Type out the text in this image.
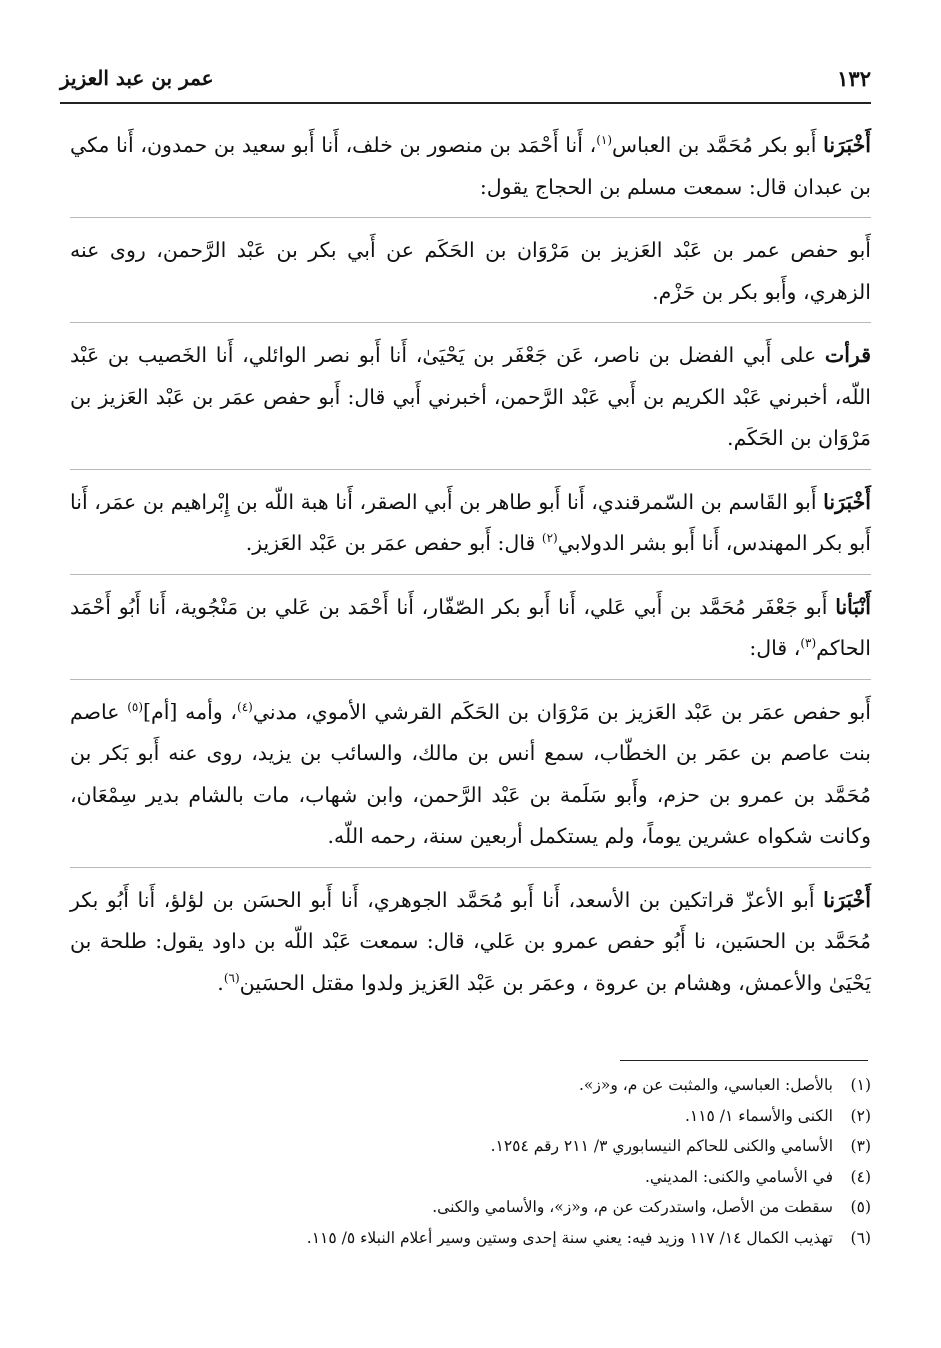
١٣٢
عمر بن عبد العزيز

أَخْبَرَنا أَبو بكر مُحَمَّد بن العباس$^{(١)}$، أَنا أَحْمَد بن منصور بن خلف، أَنا أَبو سعيد بن حمدون، أَنا مكي بن عبدان قال: سمعت مسلم بن الحجاج يقول:

أَبو حفص عمر بن عَبْد العَزيز بن مَرْوَان بن الحَكَم عن أَبي بكر بن عَبْد الرَّحمن، روى عنه الزهري، وأَبو بكر بن حَزْم.

قرأت على أَبي الفضل بن ناصر، عَن جَعْفَر بن يَحْيَىٰ، أَنا أَبو نصر الوائلي، أَنا الخَصيب بن عَبْد اللّه، أخبرني عَبْد الكريم بن أَبي عَبْد الرَّحمن، أخبرني أَبي قال: أَبو حفص عمَر بن عَبْد العَزيز بن مَرْوَان بن الحَكَم.

أَخْبَرَنا أَبو القَاسم بن السّمرقندي، أَنا أَبو طاهر بن أَبي الصقر، أَنا هبة اللّه بن إِبْراهيم بن عمَر، أَنا أَبو بكر المهندس، أَنا أَبو بشر الدولابي$^{(٢)}$ قال: أَبو حفص عمَر بن عَبْد العَزيز.

أَنْبَأنا أَبو جَعْفَر مُحَمَّد بن أَبي عَلي، أَنا أَبو بكر الصّفّار، أَنا أَحْمَد بن عَلي بن مَنْجُوية، أَنا أَبُو أَحْمَد الحاكم$^{(٣)}$، قال:

أَبو حفص عمَر بن عَبْد العَزيز بن مَرْوَان بن الحَكَم القرشي الأموي، مدني$^{(٤)}$، وأمه [أم]$^{(٥)}$ عاصم بنت عاصم بن عمَر بن الخطّاب، سمع أنس بن مالك، والسائب بن يزيد، روى عنه أَبو بَكر بن مُحَمَّد بن عمرو بن حزم، وأَبو سَلَمة بن عَبْد الرَّحمن، وابن شهاب، مات بالشام بدير سِمْعَان، وكانت شكواه عشرين يوماً، ولم يستكمل أربعين سنة، رحمه اللّه.

أَخْبَرَنا أَبو الأعزّ قراتكين بن الأسعد، أَنا أَبو مُحَمَّد الجوهري، أَنا أَبو الحسَن بن لؤلؤ، أَنا أَبُو بكر مُحَمَّد بن الحسَين، نا أَبُو حفص عمرو بن عَلي، قال: سمعت عَبْد اللّه بن داود يقول: طلحة بن يَحْيَىٰ والأعمش، وهشام بن عروة ، وعمَر بن عَبْد العَزيز ولدوا مقتل الحسَين$^{(٦)}$.

(١)
بالأصل: العباسي، والمثبت عن م، و«ز».
(٢)
الكنى والأسماء ١/ ١١٥.
(٣)
الأسامي والكنى للحاكم النيسابوري ٣/ ٢١١ رقم ١٢٥٤.
(٤)
في الأسامي والكنى: المديني.
(٥)
سقطت من الأصل، واستدركت عن م، و«ز»، والأسامي والكنى.
(٦)
تهذيب الكمال ١٤/ ١١٧ وزيد فيه: يعني سنة إحدى وستين وسير أعلام النبلاء ٥/ ١١٥.
